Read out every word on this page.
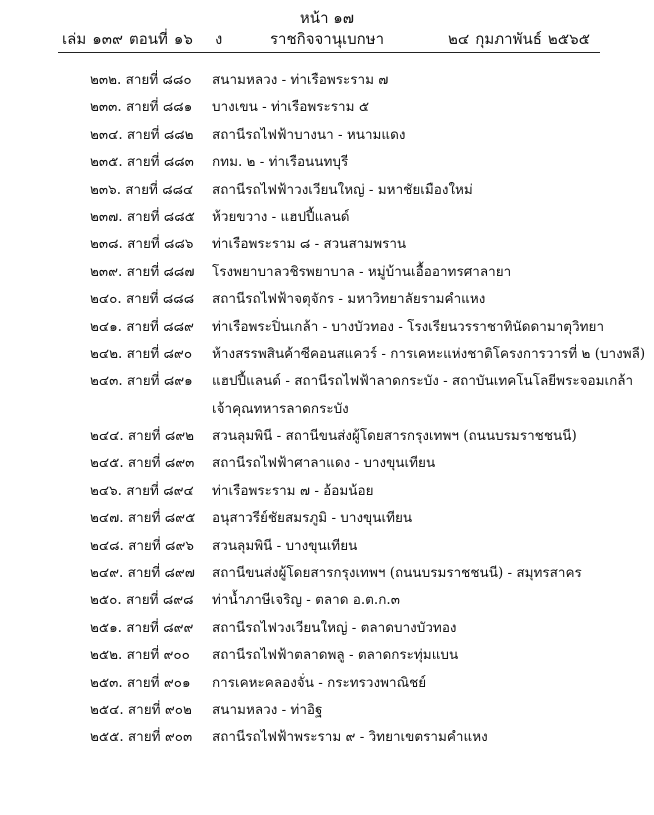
หน้า ๑๗
เล่ม ๑๓๙ ตอนที่ ๑๖ ง	ราชกิจจานุเบกษา	๒๔ กุมภาพันธ์ ๒๕๖๕
๒๓๒. สายที่ ๘๘๐ สนามหลวง - ท่าเรือพระราม ๗
๒๓๓. สายที่ ๘๘๑ บางเขน - ท่าเรือพระราม ๕
๒๓๔. สายที่ ๘๘๒ สถานีรถไฟฟ้าบางนา - หนามแดง
๒๓๕. สายที่ ๘๘๓ กทม. ๒ - ท่าเรือนนทบุรี
๒๓๖. สายที่ ๘๘๔ สถานีรถไฟฟ้าวงเวียนใหญ่ - มหาชัยเมืองใหม่
๒๓๗. สายที่ ๘๘๕ ห้วยขวาง - แฮปปี้แลนด์
๒๓๘. สายที่ ๘๘๖ ท่าเรือพระราม ๘ - สวนสามพราน
๒๓๙. สายที่ ๘๘๗ โรงพยาบาลวชิรพยาบาล - หมู่บ้านเอื้ออาทรศาลายา
๒๔๐. สายที่ ๘๘๘ สถานีรถไฟฟ้าจตุจักร - มหาวิทยาลัยรามคำแหง
๒๔๑. สายที่ ๘๘๙ ท่าเรือพระปิ่นเกล้า - บางบัวทอง - โรงเรียนวรราชาทินัดดามาตุวิทยา
๒๔๒. สายที่ ๘๙๐ ห้างสรรพสินค้าซีคอนสแควร์ - การเคหะแห่งชาติโครงการวารที่ ๒ (บางพลี)
๒๔๓. สายที่ ๘๙๑ แฮปปี้แลนด์ - สถานีรถไฟฟ้าลาดกระบัง - สถาบันเทคโนโลยีพระจอมเกล้า
เจ้าคุณทหารลาดกระบัง
๒๔๔. สายที่ ๘๙๒ สวนลุมพินี - สถานีขนส่งผู้โดยสารกรุงเทพฯ (ถนนบรมราชชนนี)
๒๔๕. สายที่ ๘๙๓ สถานีรถไฟฟ้าศาลาแดง - บางขุนเทียน
๒๔๖. สายที่ ๘๙๔ ท่าเรือพระราม ๗ - อ้อมน้อย
๒๔๗. สายที่ ๘๙๕ อนุสาวรีย์ชัยสมรภูมิ - บางขุนเทียน
๒๔๘. สายที่ ๘๙๖ สวนลุมพินี - บางขุนเทียน
๒๔๙. สายที่ ๘๙๗ สถานีขนส่งผู้โดยสารกรุงเทพฯ (ถนนบรมราชชนนี) - สมุทรสาคร
๒๕๐. สายที่ ๘๙๘ ท่าน้ำภาษีเจริญ - ตลาด อ.ต.ก.๓
๒๕๑. สายที่ ๘๙๙ สถานีรถไฟวงเวียนใหญ่ - ตลาดบางบัวทอง
๒๕๒. สายที่ ๙๐๐ สถานีรถไฟฟ้าตลาดพลู - ตลาดกระทุ่มแบน
๒๕๓. สายที่ ๙๐๑ การเคหะคลองจั่น - กระทรวงพาณิชย์
๒๕๔. สายที่ ๙๐๒ สนามหลวง - ท่าอิฐ
๒๕๕. สายที่ ๙๐๓ สถานีรถไฟฟ้าพระราม ๙ - วิทยาเขตรามคำแหง
